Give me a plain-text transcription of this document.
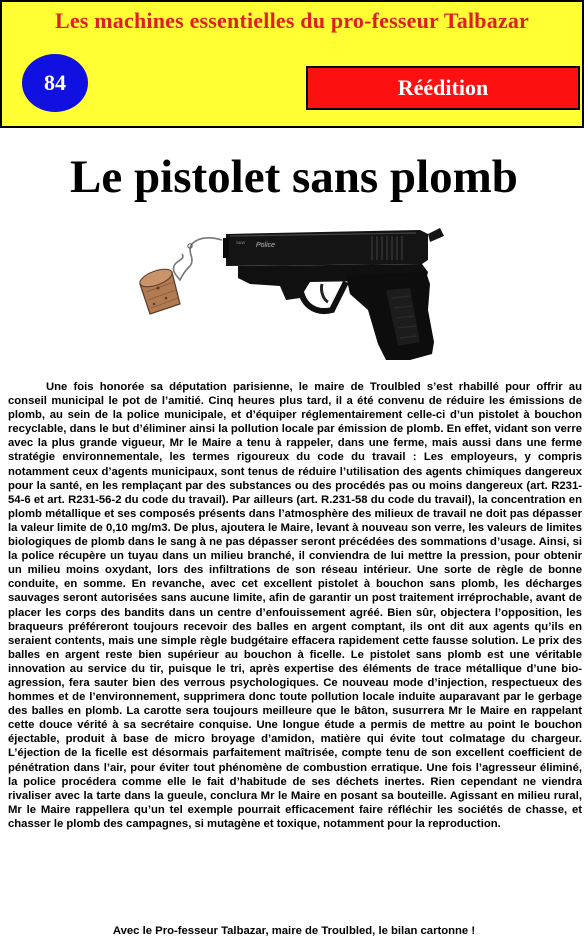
Les machines essentielles du pro-fesseur Talbazar
84	Réédition
Le pistolet sans plomb
Police
S&W

Une fois honorée sa députation parisienne, le maire de Troulbled s’est rhabillé pour offrir au conseil municipal le pot de l’amitié. Cinq heures plus tard, il a été convenu de réduire les émissions de plomb, au sein de la police municipale, et d’équiper réglementairement celle-ci d’un pistolet à bouchon recyclable, dans le but d’éliminer ainsi la pollution locale par émission de plomb. En effet, vidant son verre avec la plus grande vigueur, Mr le Maire a tenu à rappeler, dans une ferme, mais aussi dans une ferme stratégie environnementale, les termes rigoureux du code du travail : Les employeurs, y compris notamment ceux d’agents municipaux, sont tenus de réduire l’utilisation des agents chimiques dangereux pour la santé, en les remplaçant par des substances ou des procédés pas ou moins dangereux (art. R231-54-6 et art. R231-56-2 du code du travail). Par ailleurs (art. R.231-58 du code du travail), la concentration en plomb métallique et ses composés présents dans l’atmosphère des milieux de travail ne doit pas dépasser la valeur limite de 0,10 mg/m3. De plus, ajoutera le Maire, levant à nouveau son verre, les valeurs de limites biologiques de plomb dans le sang à ne pas dépasser seront précédées des sommations d’usage. Ainsi, si la police récupère un tuyau dans un milieu branché, il conviendra de lui mettre la pression, pour obtenir un milieu moins oxydant, lors des infiltrations de son réseau intérieur. Une sorte de règle de bonne conduite, en somme. En revanche, avec cet excellent pistolet à bouchon sans plomb, les décharges sauvages seront autorisées sans aucune limite, afin de garantir un post traitement irréprochable, avant de placer les corps des bandits dans un centre d’enfouissement agréé. Bien sûr, objectera l’opposition, les braqueurs préféreront toujours recevoir des balles en argent comptant, ils ont dit aux agents qu’ils en seraient contents, mais une simple règle budgétaire effacera rapidement cette fausse solution. Le prix des balles en argent reste bien supérieur au bouchon à ficelle. Le pistolet sans plomb est une véritable innovation au service du tir, puisque le tri, après expertise des éléments de trace métallique d’une bio-agression, fera sauter bien des verrous psychologiques. Ce nouveau mode d’injection, respectueux des hommes et de l’environnement, supprimera donc toute pollution locale induite auparavant par le gerbage des balles en plomb. La carotte sera toujours meilleure que le bâton, susurrera Mr le Maire en rappelant cette douce vérité à sa secrétaire conquise. Une longue étude a permis de mettre au point le bouchon éjectable, produit à base de micro broyage d’amidon, matière qui évite tout colmatage du chargeur. L’éjection de la ficelle est désormais parfaitement maîtrisée, compte tenu de son excellent coefficient de pénétration dans l’air, pour éviter tout phénomène de combustion erratique. Une fois l’agresseur éliminé, la police procédera comme elle le fait d’habitude de ses déchets inertes. Rien cependant ne viendra rivaliser avec la tarte dans la gueule, conclura Mr le Maire en posant sa bouteille. Agissant en milieu rural, Mr le Maire rappellera qu’un tel exemple pourrait efficacement faire réfléchir les sociétés de chasse, et chasser le plomb des campagnes, si mutagène et toxique, notamment pour la reproduction.

Avec le Pro-fesseur Talbazar, maire de Troulbled, le bilan cartonne !
